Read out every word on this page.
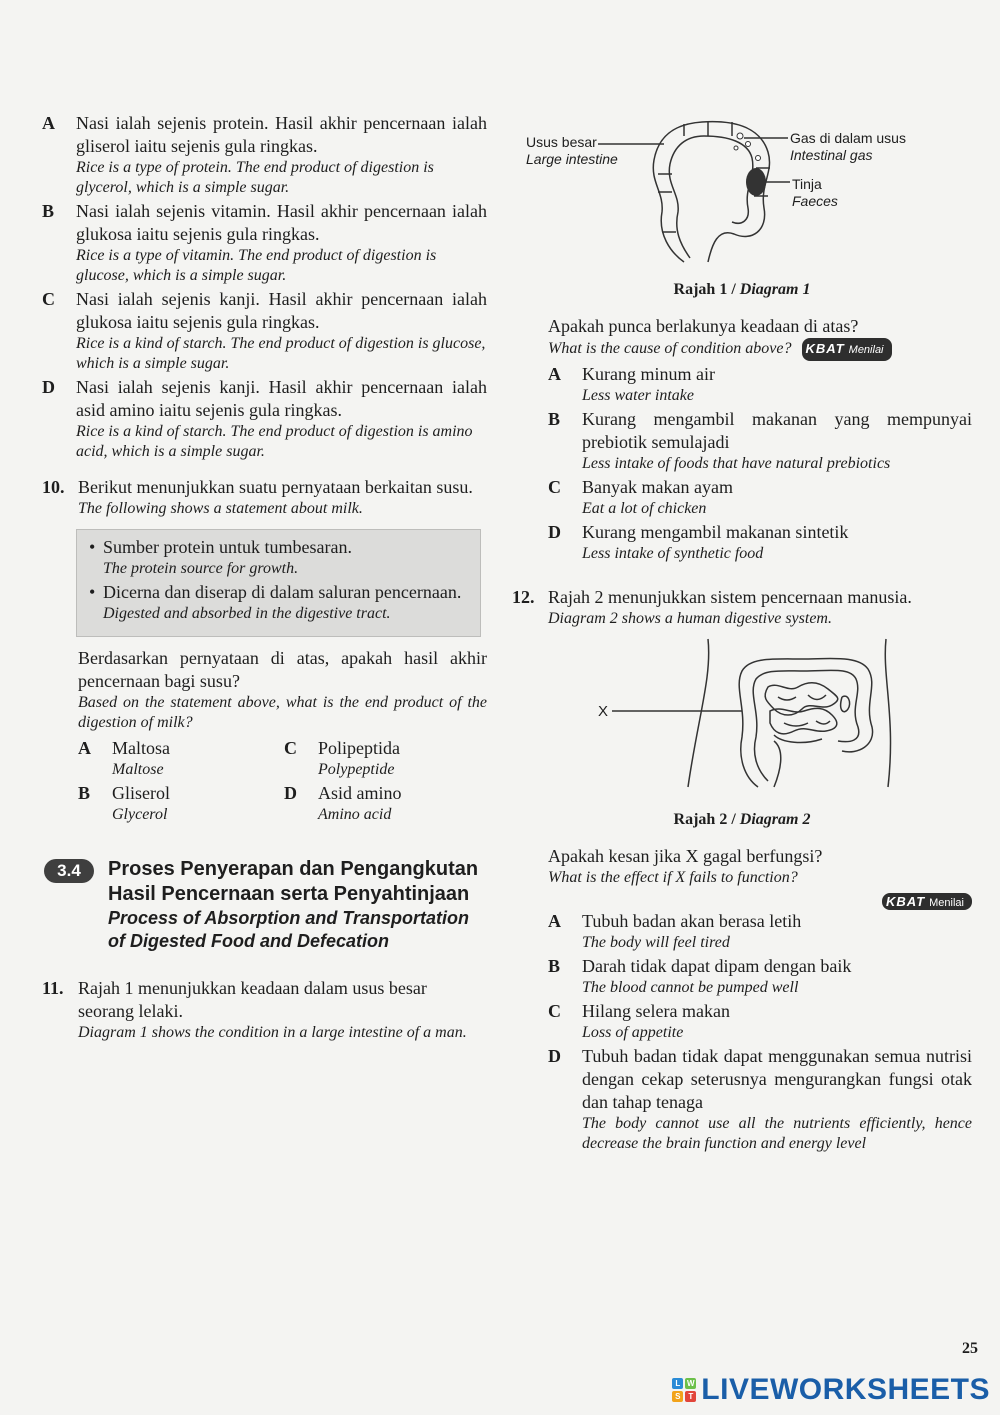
A Nasi ialah sejenis protein. Hasil akhir pencernaan ialah gliserol iaitu sejenis gula ringkas.
Rice is a type of protein. The end product of digestion is glycerol, which is a simple sugar.
B Nasi ialah sejenis vitamin. Hasil akhir pencernaan ialah glukosa iaitu sejenis gula ringkas.
Rice is a type of vitamin. The end product of digestion is glucose, which is a simple sugar.
C Nasi ialah sejenis kanji. Hasil akhir pencernaan ialah glukosa iaitu sejenis gula ringkas.
Rice is a kind of starch. The end product of digestion is glucose, which is a simple sugar.
D Nasi ialah sejenis kanji. Hasil akhir pencernaan ialah asid amino iaitu sejenis gula ringkas.
Rice is a kind of starch. The end product of digestion is amino acid, which is a simple sugar.
10. Berikut menunjukkan suatu pernyataan berkaitan susu.
The following shows a statement about milk.
• Sumber protein untuk tumbesaran.
The protein source for growth.
• Dicerna dan diserap di dalam saluran pencernaan.
Digested and absorbed in the digestive tract.
Berdasarkan pernyataan di atas, apakah hasil akhir pencernaan bagi susu?
Based on the statement above, what is the end product of the digestion of milk?
A Maltosa
Maltose
C Polipeptida
Polypeptide
B Gliserol
Glycerol
D Asid amino
Amino acid
3.4	Proses Penyerapan dan Pengangkutan Hasil Pencernaan serta Penyahtinjaan
Process of Absorption and Transportation of Digested Food and Defecation
11. Rajah 1 menunjukkan keadaan dalam usus besar seorang lelaki.
Diagram 1 shows the condition in a large intestine of a man.
Usus besar
Large intestine
Gas di dalam usus
Intestinal gas
Tinja
Faeces
Rajah 1 / Diagram 1
Apakah punca berlakunya keadaan di atas?
What is the cause of condition above? KBAT Menilai
A Kurang minum air
Less water intake
B Kurang mengambil makanan yang mempunyai prebiotik semulajadi
Less intake of foods that have natural prebiotics
C Banyak makan ayam
Eat a lot of chicken
D Kurang mengambil makanan sintetik
Less intake of synthetic food
12. Rajah 2 menunjukkan sistem pencernaan manusia.
Diagram 2 shows a human digestive system.
X
Rajah 2 / Diagram 2
Apakah kesan jika X gagal berfungsi?
What is the effect if X fails to function?
KBAT Menilai
A Tubuh badan akan berasa letih
The body will feel tired
B Darah tidak dapat dipam dengan baik
The blood cannot be pumped well
C Hilang selera makan
Loss of appetite
D Tubuh badan tidak dapat menggunakan semua nutrisi dengan cekap seterusnya mengurangkan fungsi otak dan tahap tenaga
The body cannot use all the nutrients efficiently, hence decrease the brain function and energy level
25
L W
S T LIVEWORKSHEETS
